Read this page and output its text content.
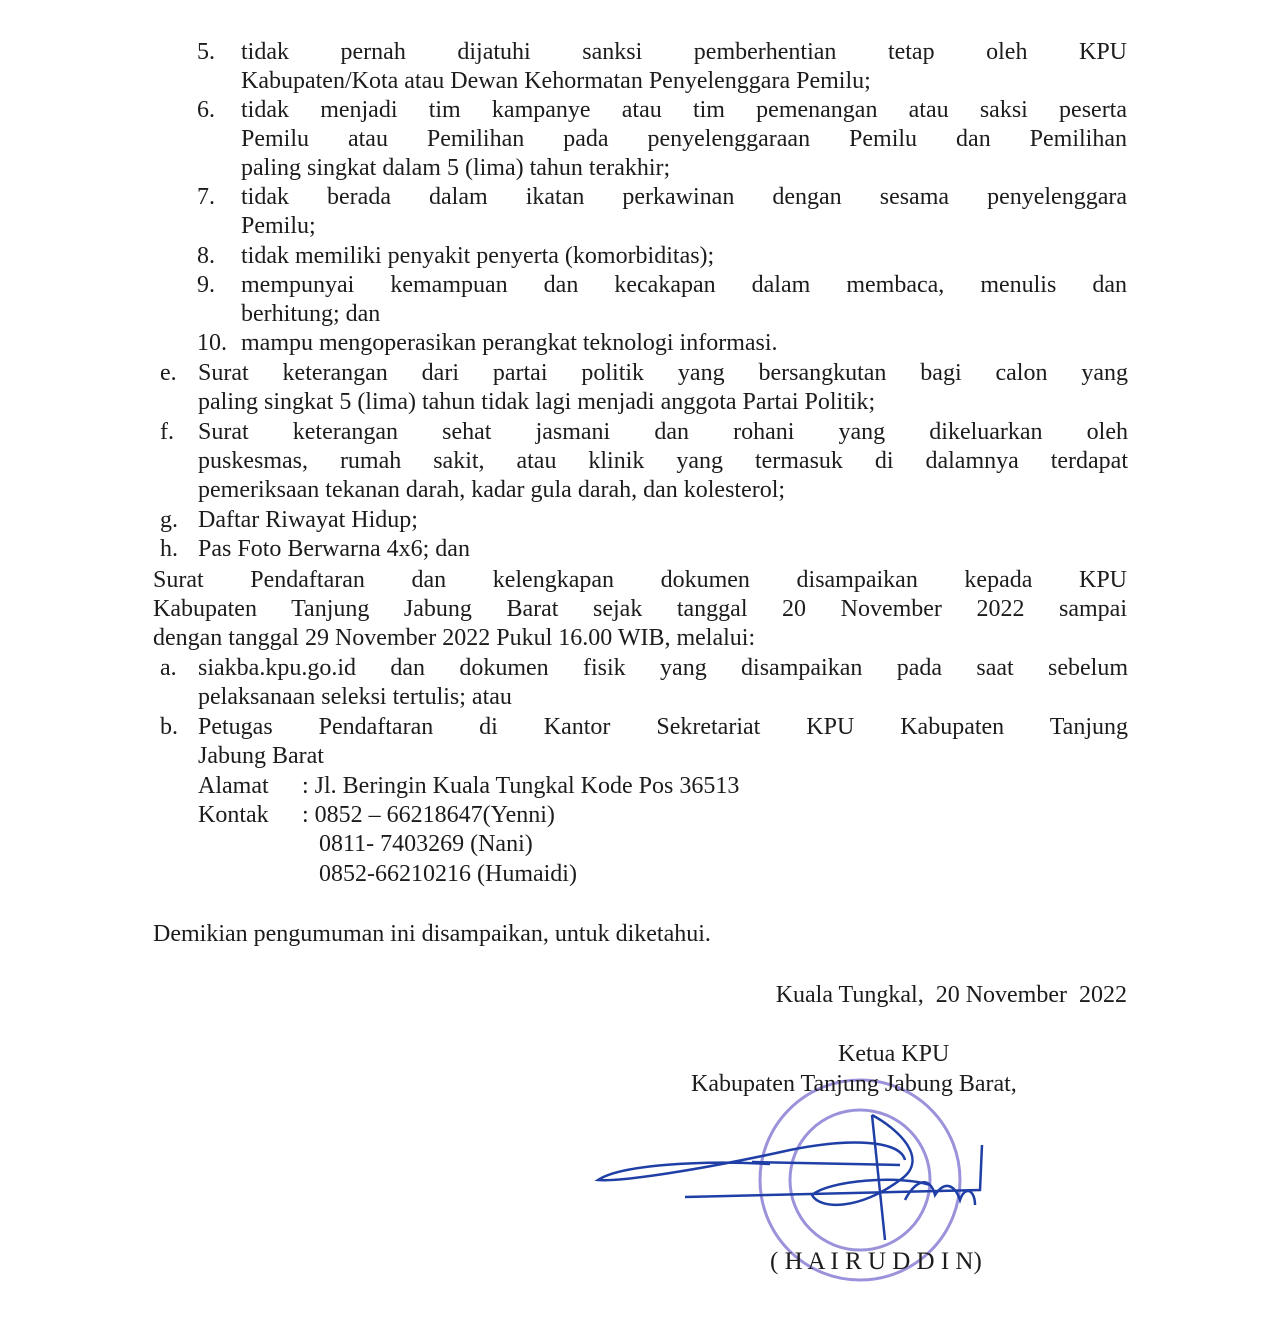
5. tidak pernah dijatuhi sanksi pemberhentian tetap oleh KPU
Kabupaten/Kota atau Dewan Kehormatan Penyelenggara Pemilu;
6. tidak menjadi tim kampanye atau tim pemenangan atau saksi peserta
Pemilu atau Pemilihan pada penyelenggaraan Pemilu dan Pemilihan
paling singkat dalam 5 (lima) tahun terakhir;
7. tidak berada dalam ikatan perkawinan dengan sesama penyelenggara
Pemilu;
8. tidak memiliki penyakit penyerta (komorbiditas);
9. mempunyai kemampuan dan kecakapan dalam membaca, menulis dan
berhitung; dan
10. mampu mengoperasikan perangkat teknologi informasi.
e. Surat keterangan dari partai politik yang bersangkutan bagi calon yang
paling singkat 5 (lima) tahun tidak lagi menjadi anggota Partai Politik;
f. Surat keterangan sehat jasmani dan rohani yang dikeluarkan oleh
puskesmas, rumah sakit, atau klinik yang termasuk di dalamnya terdapat
pemeriksaan tekanan darah, kadar gula darah, dan kolesterol;
g. Daftar Riwayat Hidup;
h. Pas Foto Berwarna 4x6; dan
Surat Pendaftaran dan kelengkapan dokumen disampaikan kepada KPU
Kabupaten Tanjung Jabung Barat sejak tanggal 20 November 2022 sampai
dengan tanggal 29 November 2022 Pukul 16.00 WIB, melalui:
a. siakba.kpu.go.id dan dokumen fisik yang disampaikan pada saat sebelum
pelaksanaan seleksi tertulis; atau
b. Petugas Pendaftaran di Kantor Sekretariat KPU Kabupaten Tanjung
Jabung Barat
Alamat : Jl. Beringin Kuala Tungkal Kode Pos 36513
Kontak : 0852 – 66218647(Yenni)
0811- 7403269 (Nani)
0852-66210216 (Humaidi)
Demikian pengumuman ini disampaikan, untuk diketahui.
Kuala Tungkal,  20 November  2022
Ketua KPU
Kabupaten Tanjung Jabung Barat,
( H A I R U D D I N)
